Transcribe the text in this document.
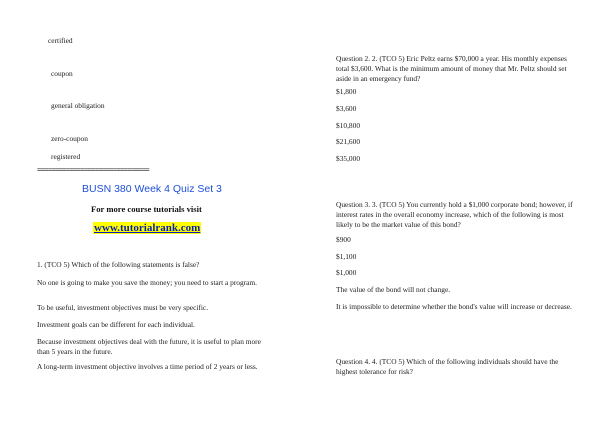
certified

coupon

general obligation

zero-coupon

registered

===============================

BUSN 380 Week 4 Quiz Set 3

For more course tutorials visit

www.tutorialrank.com

1. (TCO 5) Which of the following statements is false?

No one is going to make you save the money; you need to start a program.

To be useful, investment objectives must be very specific.

Investment goals can be different for each individual.

Because investment objectives deal with the future, it is useful to plan more than 5 years in the future.

A long-term investment objective involves a time period of 2 years or less.

Question 2. 2. (TCO 5) Eric Peltz earns $70,000 a year. His monthly expenses total $3,600. What is the minimum amount of money that Mr. Peltz should set aside in an emergency fund?

$1,800

$3,600

$10,800

$21,600

$35,000

Question 3. 3. (TCO 5) You currently hold a $1,000 corporate bond; however, if interest rates in the overall economy increase, which of the following is most likely to be the market value of this bond?

$900

$1,100

$1,000

The value of the bond will not change.

It is impossible to determine whether the bond's value will increase or decrease.

Question 4. 4. (TCO 5) Which of the following individuals should have the highest tolerance for risk?
